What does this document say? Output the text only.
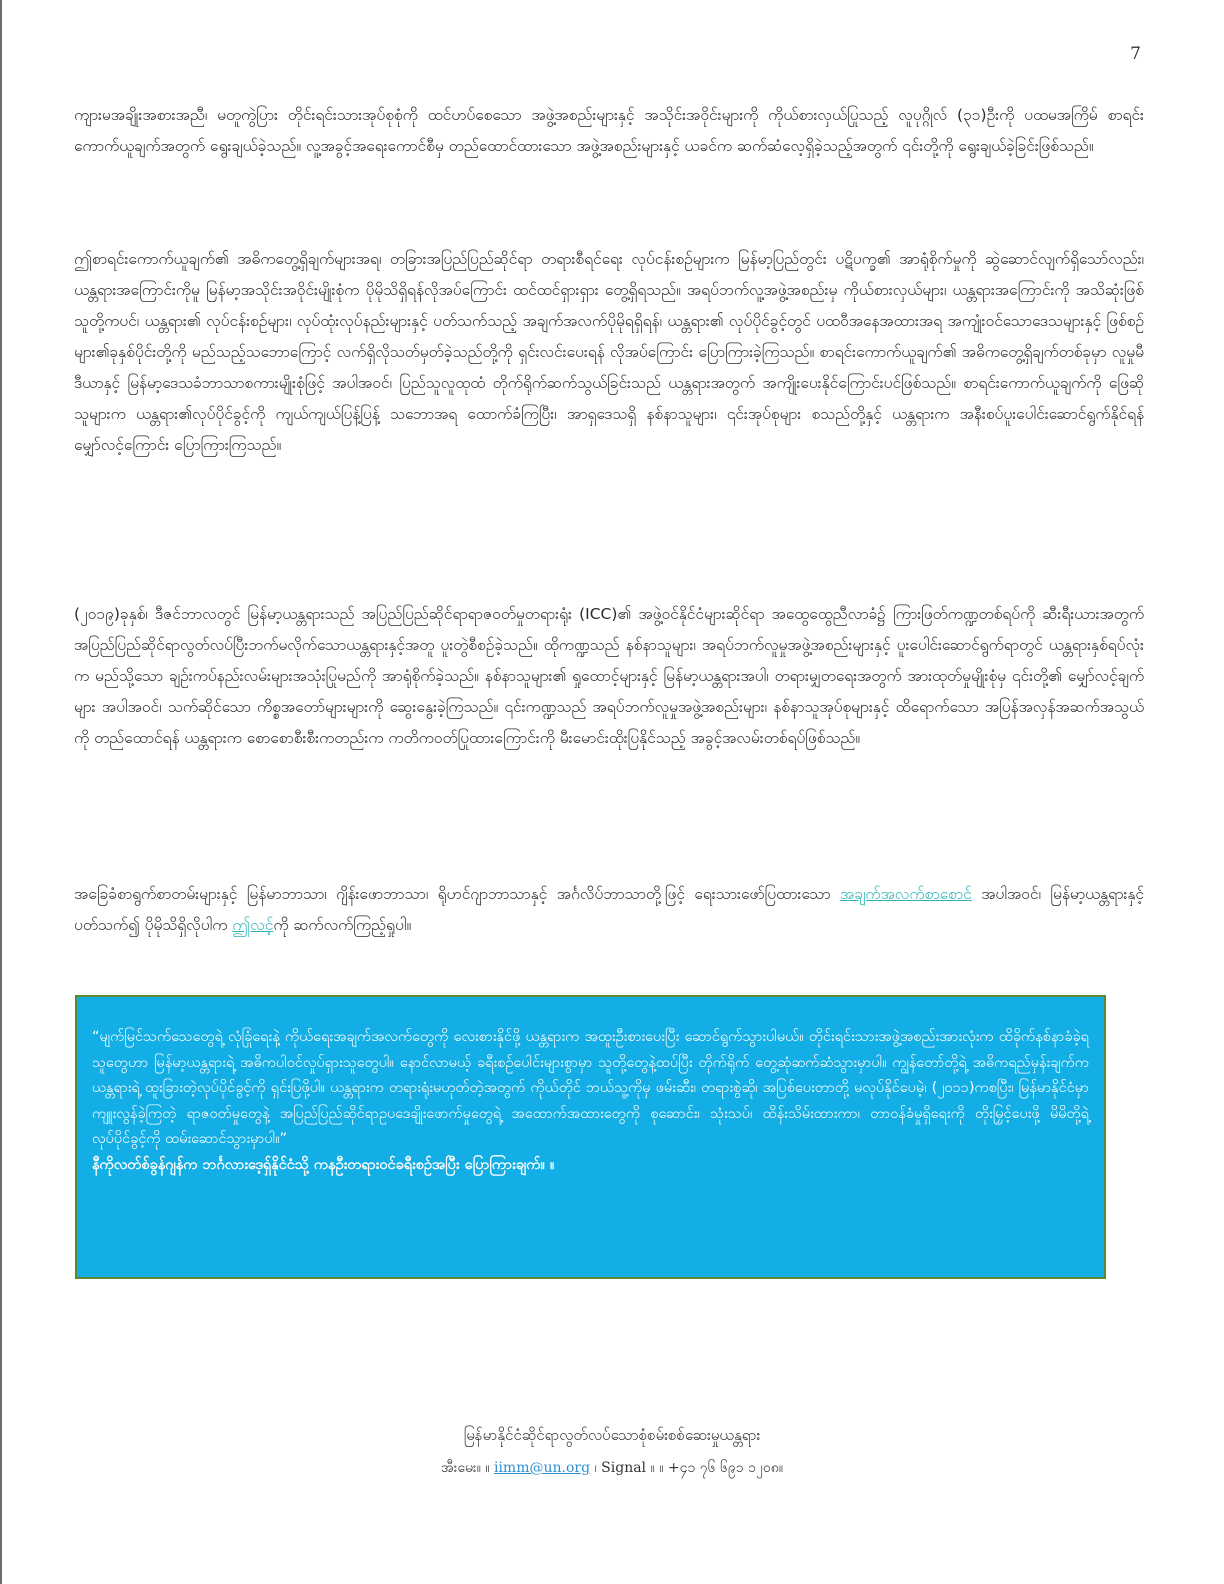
7

ကျားမအချိုးအစားအညီ၊ မတူကွဲပြား တိုင်းရင်းသားအုပ်စုစုံကို ထင်ဟပ်စေသော အဖွဲ့အစည်းများနှင့် အသိုင်းအဝိုင်းများကို ကိုယ်စားလှယ်ပြုသည့် လူပုဂ္ဂိုလ် (၃၁)ဦးကို ပထမအကြိမ် စာရင်းကောက်ယူချက်အတွက် ရွေးချယ်ခဲ့သည်။ လူ့အခွင့်အရေးကောင်စီမှ တည်ထောင်ထားသော အဖွဲ့အစည်းများနှင့် ယခင်က ဆက်ဆံလေ့ရှိခဲ့သည့်အတွက် ၎င်းတို့ကို ရွေးချယ်ခဲ့ခြင်းဖြစ်သည်။

ဤစာရင်းကောက်ယူချက်၏ အဓိကတွေ့ရှိချက်များအရ၊ တခြားအပြည်ပြည်ဆိုင်ရာ တရားစီရင်ရေး လုပ်ငန်းစဉ်များက မြန်မာ့ပြည်တွင်း ပဋိပက္ခ၏ အာရုံစိုက်မှုကို ဆွဲဆောင်လျက်ရှိသော်လည်း၊ ယန္တရားအကြောင်းကိုမူ မြန်မာ့အသိုင်းအဝိုင်းမျိုးစုံက ပိုမိုသိရှိရန်လိုအပ်ကြောင်း ထင်ထင်ရှားရှား တွေ့ရှိရသည်။ အရပ်ဘက်လူ့အဖွဲ့အစည်းမှ ကိုယ်စားလှယ်များ၊ ယန္တရားအကြောင်းကို အသိဆုံးဖြစ်သူတို့ကပင်၊ ယန္တရား၏ လုပ်ငန်းစဉ်များ၊ လုပ်ထုံးလုပ်နည်းများနှင့် ပတ်သက်သည့် အချက်အလက်ပိုမိုရရှိရန်၊ ယန္တရား၏ လုပ်ပိုင်ခွင့်တွင် ပထဝီအနေအထားအရ အကျုံးဝင်သောဒေသများနှင့် ဖြစ်စဉ်များ၏ခုနှစ်ပိုင်းတို့ကို မည်သည့်သဘောကြောင့် လက်ရှိလိုသတ်မှတ်ခဲ့သည်တို့ကို ရှင်းလင်းပေးရန် လိုအပ်ကြောင်း ပြောကြားခဲ့ကြသည်။ စာရင်းကောက်ယူချက်၏ အဓိကတွေ့ရှိချက်တစ်ခုမှာ လူမှုမီဒီယာနှင့် မြန်မာ့ဒေသခံဘာသာစကားမျိုးစုံဖြင့် အပါအဝင်၊ ပြည်သူလူထုထံ တိုက်ရိုက်ဆက်သွယ်ခြင်းသည် ယန္တရားအတွက် အကျိုးပေးနိုင်ကြောင်းပင်ဖြစ်သည်။ စာရင်းကောက်ယူချက်ကို ဖြေဆိုသူများက ယန္တရား၏လုပ်ပိုင်ခွင့်ကို ကျယ်ကျယ်ပြန့်ပြန့် သဘောအရ ထောက်ခံကြပြီး၊ အာရှဒေသရှိ နစ်နာသူများ၊ ၎င်းအုပ်စုများ စသည်တို့နှင့် ယန္တရားက အနီးစပ်ပူးပေါင်းဆောင်ရွက်နိုင်ရန် မျှော်လင့်ကြောင်း ပြောကြားကြသည်။

(၂၀၁၉)ခုနှစ်၊ ဒီဇင်ဘာလတွင် မြန်မာ့ယန္တရားသည် အပြည်ပြည်ဆိုင်ရာရာဇဝတ်မှုတရားရုံး (ICC)၏ အဖွဲ့ဝင်နိုင်ငံများဆိုင်ရာ အထွေထွေညီလာခံ၌ ကြားဖြတ်ကဏ္ဍတစ်ရပ်ကို ဆီးရီးယားအတွက်အပြည်ပြည်ဆိုင်ရာလွတ်လပ်ပြီးဘက်မလိုက်သောယန္တရားနှင့်အတူ ပူးတွဲစီစဉ်ခဲ့သည်။ ထိုကဏ္ဍသည် နစ်နာသူများ၊ အရပ်ဘက်လူမှုအဖွဲ့အစည်းများနှင့် ပူးပေါင်းဆောင်ရွက်ရာတွင် ယန္တရားနှစ်ရပ်လုံးက မည်သို့သော ချဉ်းကပ်နည်းလမ်းများအသုံးပြုမည်ကို အာရုံစိုက်ခဲ့သည်။ နစ်နာသူများ၏ ရှုထောင့်များနှင့် မြန်မာ့ယန္တရားအပါ၊ တရားမျှတရေးအတွက် အားထုတ်မှုမျိုးစုံမှ ၎င်းတို့၏ မျှော်လင့်ချက်များ အပါအဝင်၊ သက်ဆိုင်သော ကိစ္စအတော်များများကို ဆွေးနွေးခဲ့ကြသည်။ ၎င်းကဏ္ဍသည် အရပ်ဘက်လူမှုအဖွဲ့အစည်းများ၊ နစ်နာသူအုပ်စုများနှင့် ထိရောက်သော အပြန်အလှန်အဆက်အသွယ်ကို တည်ထောင်ရန် ယန္တရားက စောစောစီးစီးကတည်းက ကတိကဝတ်ပြုထားကြောင်းကို မီးမောင်းထိုးပြနိုင်သည့် အခွင့်အလမ်းတစ်ရပ်ဖြစ်သည်။

အခြေခံစာရွက်စာတမ်းများနှင့် မြန်မာဘာသာ၊ ဂျိန်းဖောဘာသာ၊ ရိုဟင်ဂျာဘာသာနှင့် အင်္ဂလိပ်ဘာသာတို့ဖြင့် ရေးသားဖော်ပြထားသော အချက်အလက်စာစောင် အပါအဝင်၊ မြန်မာ့ယန္တရားနှင့် ပတ်သက်၍ ပိုမိုသိရှိလိုပါက ဤလင့်ကို ဆက်လက်ကြည့်ရှုပါ။

“မျက်မြင်သက်သေတွေရဲ့ လုံခြုံရေးနဲ့ ကိုယ်ရေးအချက်အလက်တွေကို လေးစားနိုင်ဖို့ ယန္တရားက အထူးဦးစားပေးပြီး ဆောင်ရွက်သွားပါမယ်။ တိုင်းရင်းသားအဖွဲ့အစည်းအားလုံးက ထိခိုက်နစ်နာခံခဲ့ရသူတွေဟာ မြန်မာ့ယန္တရားရဲ့ အဓိကပါဝင်လှုပ်ရှားသူတွေပါ။ နောင်လာမယ့် ခရီးစဉ်ပေါင်းများစွာမှာ သူတို့တွေနဲ့ထပ်ပြီး တိုက်ရိုက် တွေ့ဆုံဆက်ဆံသွားမှာပါ။ ကျွန်တော်တို့ရဲ့ အဓိကရည်မှန်းချက်က ယန္တရားရဲ့ ထူးခြားတဲ့လုပ်ပိုင်ခွင့်ကို ရှင်းပြဖို့ပါ။ ယန္တရားက တရားရုံးမဟုတ်တဲ့အတွက် ကိုယ်တိုင် ဘယ်သူ့ကိုမှ ဖမ်းဆီး၊ တရားစွဲဆို၊ အပြစ်ပေးတာတို့ မလုပ်နိုင်ပေမဲ့၊ (၂၀၁၁)ကစပြီး၊ မြန်မာနိုင်ငံမှာ ကျူးလွန်ခဲ့ကြတဲ့ ရာဇဝတ်မှုတွေနဲ့ အပြည်ပြည်ဆိုင်ရာဥပဒေချိုးဖောက်မှုတွေရဲ့ အထောက်အထားတွေကို စုဆောင်း၊ သုံးသပ်၊ ထိန်းသိမ်းထားကာ၊ တာဝန်ခံမှုရှိရေးကို တိုးမြှင့်ပေးဖို့ မိမိတို့ရဲ့ လုပ်ပိုင်ခွင့်ကို ထမ်းဆောင်သွားမှာပါ။”
နီကိုလတ်စ်ခွန်ဂျန်က ဘင်္ဂလားဒေ့ရှ်နိုင်ငံသို့ ကနဦးတရားဝင်ခရီးစဉ်အပြီး ပြောကြားချက်။ ။
မြန်မာနိုင်ငံဆိုင်ရာလွတ်လပ်သောစုံစမ်းစစ်ဆေးမှုယန္တရား
အီးမေး။ ။ iimm@un.org ၊ Signal ။ ။ +၄၁ ၇၆ ၆၉၁ ၁၂၀၈။
